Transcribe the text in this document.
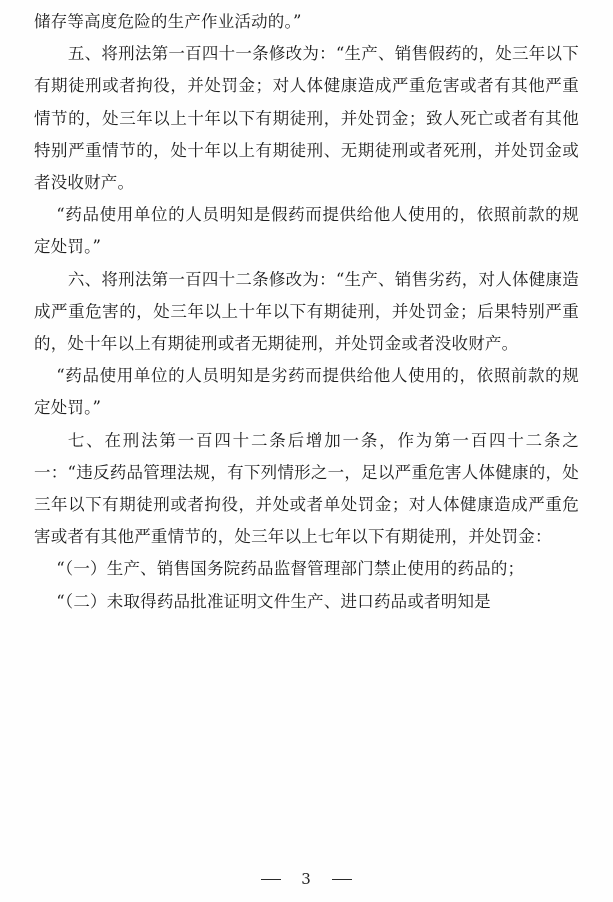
储存等高度危险的生产作业活动的。”

五、将刑法第一百四十一条修改为：“生产、销售假药的，处三年以下有期徒刑或者拘役，并处罚金；对人体健康造成严重危害或者有其他严重情节的，处三年以上十年以下有期徒刑，并处罚金；致人死亡或者有其他特别严重情节的，处十年以上有期徒刑、无期徒刑或者死刑，并处罚金或者没收财产。

“药品使用单位的人员明知是假药而提供给他人使用的，依照前款的规定处罚。”

六、将刑法第一百四十二条修改为：“生产、销售劣药，对人体健康造成严重危害的，处三年以上十年以下有期徒刑，并处罚金；后果特别严重的，处十年以上有期徒刑或者无期徒刑，并处罚金或者没收财产。

“药品使用单位的人员明知是劣药而提供给他人使用的，依照前款的规定处罚。”

七、在刑法第一百四十二条后增加一条，作为第一百四十二条之一：“违反药品管理法规，有下列情形之一，足以严重危害人体健康的，处三年以下有期徒刑或者拘役，并处或者单处罚金；对人体健康造成严重危害或者有其他严重情节的，处三年以上七年以下有期徒刑，并处罚金：

“（一）生产、销售国务院药品监督管理部门禁止使用的药品的；

“（二）未取得药品批准证明文件生产、进口药品或者明知是

3
